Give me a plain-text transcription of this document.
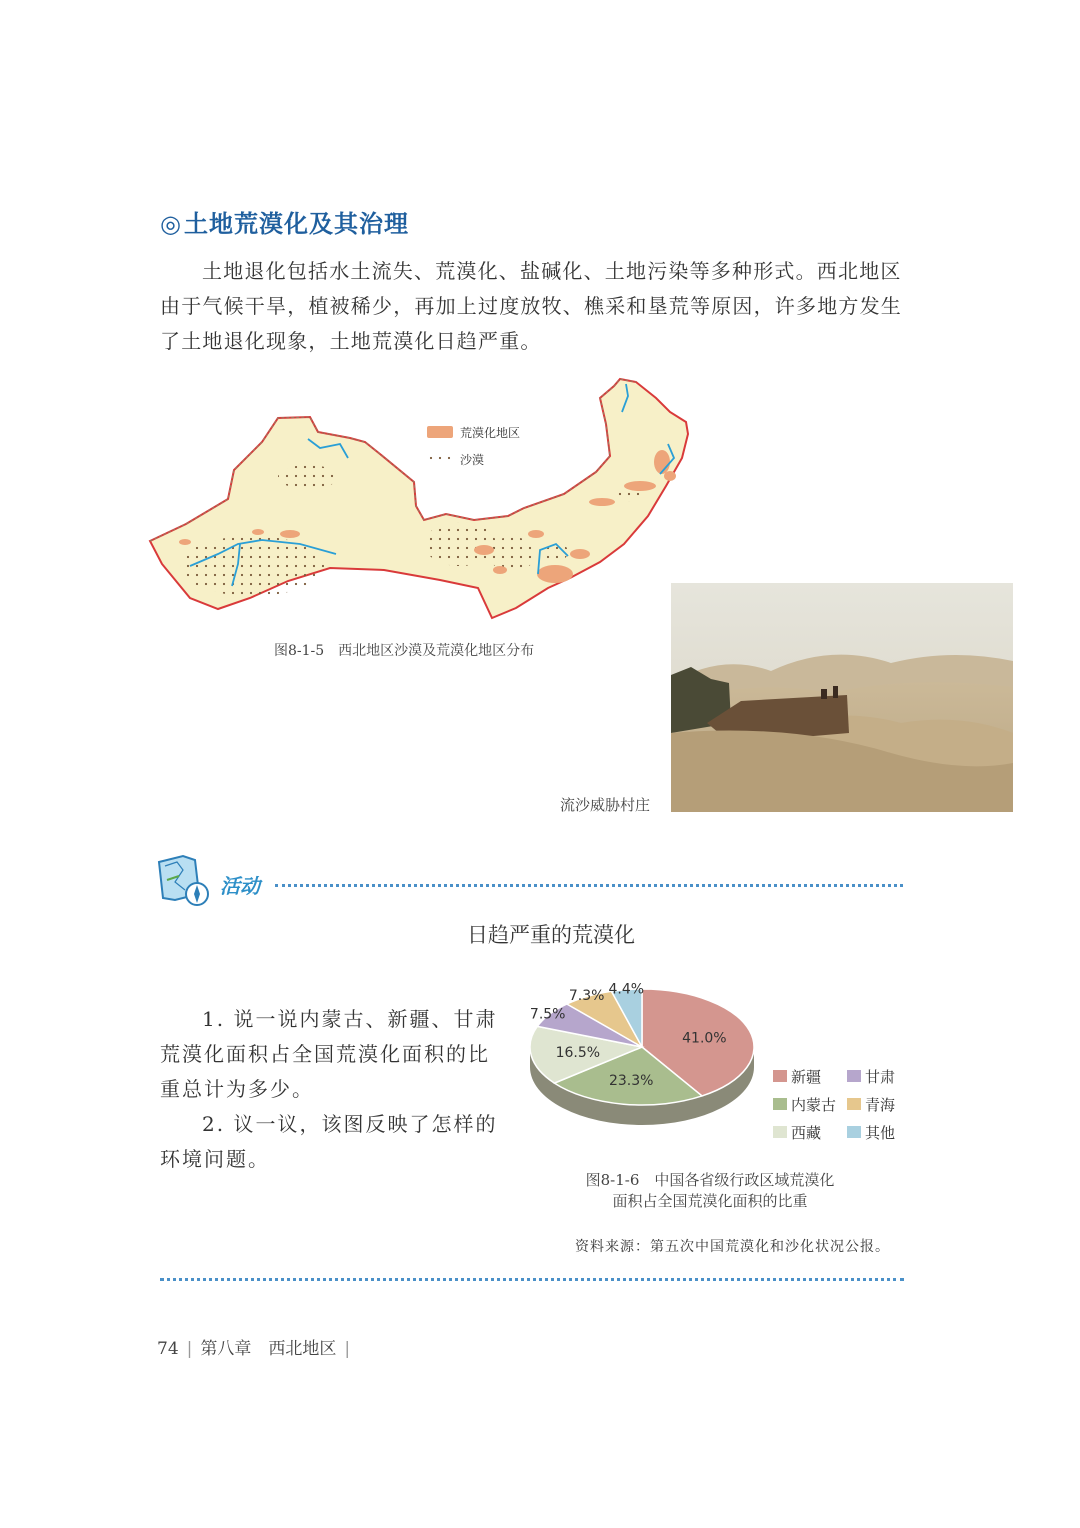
◎土地荒漠化及其治理
土地退化包括水土流失、荒漠化、盐碱化、土地污染等多种形式。西北地区由于气候干旱，植被稀少，再加上过度放牧、樵采和垦荒等原因，许多地方发生了土地退化现象，土地荒漠化日趋严重。
荒漠化地区
沙漠
图8-1-5　西北地区沙漠及荒漠化地区分布
流沙威胁村庄
活动
日趋严重的荒漠化

1. 说一说内蒙古、新疆、甘肃荒漠化面积占全国荒漠化面积的比重总计为多少。

2. 议一议，该图反映了怎样的环境问题。

41.0%
23.3%
16.5%
7.5%
7.3% 4.4%
新疆	甘肃
内蒙古 青海
西藏	其他
图8-1-6　中国各省级行政区域荒漠化
面积占全国荒漠化面积的比重
资料来源：第五次中国荒漠化和沙化状况公报。
74 | 第八章　西北地区 |
